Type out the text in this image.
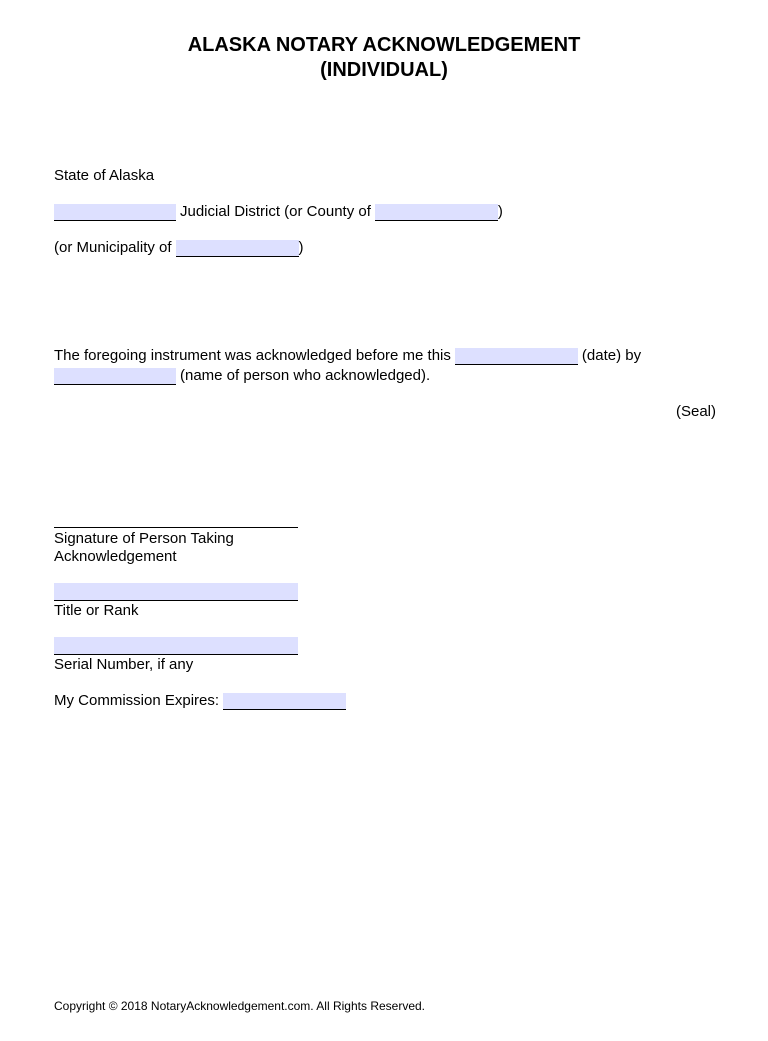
ALASKA NOTARY ACKNOWLEDGEMENT
(INDIVIDUAL)
State of Alaska
Judicial District (or County of	)
(or Municipality of	)
The foregoing instrument was acknowledged before me this	(date) by
(name of person who acknowledged).
(Seal)
Signature of Person Taking
Acknowledgement
Title or Rank
Serial Number, if any
My Commission Expires:
Copyright © 2018 NotaryAcknowledgement.com. All Rights Reserved.
